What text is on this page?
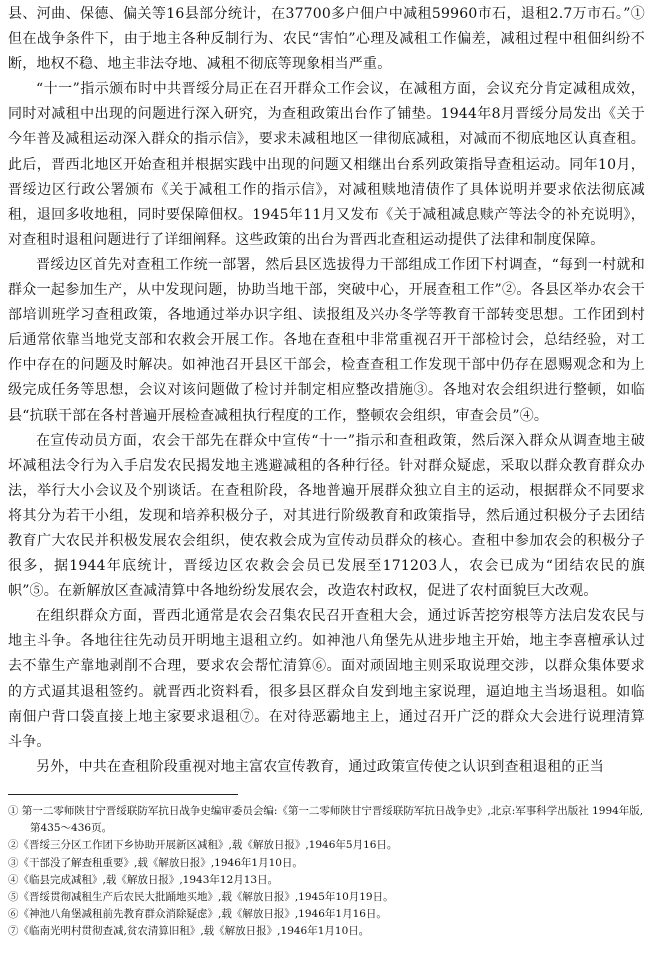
县、河曲、保德、偏关等16县部分统计，在37700多户佃户中减租59960市石，退租2.7万市石。”①但在战争条件下，由于地主各种反制行为、农民“害怕”心理及减租工作偏差，减租过程中租佃纠纷不断，地权不稳、地主非法夺地、减租不彻底等现象相当严重。

“十一”指示颁布时中共晋绥分局正在召开群众工作会议，在减租方面，会议充分肯定减租成效，同时对减租中出现的问题进行深入研究，为查租政策出台作了铺垫。1944年8月晋绥分局发出《关于今年普及减租运动深入群众的指示信》，要求未减租地区一律彻底减租，对减而不彻底地区认真查租。此后，晋西北地区开始查租并根据实践中出现的问题又相继出台系列政策指导查租运动。同年10月，晋绥边区行政公署颁布《关于减租工作的指示信》，对减租赎地清债作了具体说明并要求依法彻底减租，退回多收地租，同时要保障佃权。1945年11月又发布《关于减租减息赎产等法令的补充说明》，对查租时退租问题进行了详细阐释。这些政策的出台为晋西北查租运动提供了法律和制度保障。

晋绥边区首先对查租工作统一部署，然后县区选拔得力干部组成工作团下村调查，“每到一村就和群众一起参加生产，从中发现问题，协助当地干部，突破中心，开展查租工作”②。各县区举办农会干部培训班学习查租政策，各地通过举办识字组、读报组及兴办冬学等教育干部转变思想。工作团到村后通常依靠当地党支部和农救会开展工作。各地在查租中非常重视召开干部检讨会，总结经验，对工作中存在的问题及时解决。如神池召开县区干部会，检查查租工作发现干部中仍存在恩赐观念和为上级完成任务等思想，会议对该问题做了检讨并制定相应整改措施③。各地对农会组织进行整顿，如临县“抗联干部在各村普遍开展检查减租执行程度的工作，整顿农会组织，审查会员”④。

在宣传动员方面，农会干部先在群众中宣传“十一”指示和查租政策，然后深入群众从调查地主破坏减租法令行为入手启发农民揭发地主逃避减租的各种行径。针对群众疑虑，采取以群众教育群众办法，举行大小会议及个别谈话。在查租阶段，各地普遍开展群众独立自主的运动，根据群众不同要求将其分为若干小组，发现和培养积极分子，对其进行阶级教育和政策指导，然后通过积极分子去团结教育广大农民并积极发展农会组织，使农救会成为宣传动员群众的核心。查租中参加农会的积极分子很多，据1944年底统计，晋绥边区农救会会员已发展至171203人，农会已成为“团结农民的旗帜”⑤。在新解放区查减清算中各地纷纷发展农会，改造农村政权，促进了农村面貌巨大改观。

在组织群众方面，晋西北通常是农会召集农民召开查租大会，通过诉苦挖穷根等方法启发农民与地主斗争。各地往往先动员开明地主退租立约。如神池八角堡先从进步地主开始，地主李喜檀承认过去不靠生产靠地剥削不合理，要求农会帮忙清算⑥。面对顽固地主则采取说理交涉，以群众集体要求的方式逼其退租签约。就晋西北资料看，很多县区群众自发到地主家说理，逼迫地主当场退租。如临南佃户背口袋直接上地主家要求退租⑦。在对待恶霸地主上，通过召开广泛的群众大会进行说理清算斗争。

另外，中共在查租阶段重视对地主富农宣传教育，通过政策宣传使之认识到查租退租的正当

① 第一二零师陕甘宁晋绥联防军抗日战争史编审委员会编:《第一二零师陕甘宁晋绥联防军抗日战争史》,北京:军事科学出版社 1994年版,第435～436页。
②《晋绥三分区工作团下乡协助开展新区减租》,载《解放日报》,1946年5月16日。
③《干部没了解查租重要》,载《解放日报》,1946年1月10日。
④《临县完成减租》,载《解放日报》,1943年12月13日。
⑤《晋绥贯彻减租生产后农民大批踊地买地》,载《解放日报》,1945年10月19日。
⑥《神池八角堡减租前先教育群众消除疑虑》,载《解放日报》,1946年1月16日。
⑦《临南光明村贯彻查减,贫农清算旧租》,载《解放日报》,1946年1月10日。
